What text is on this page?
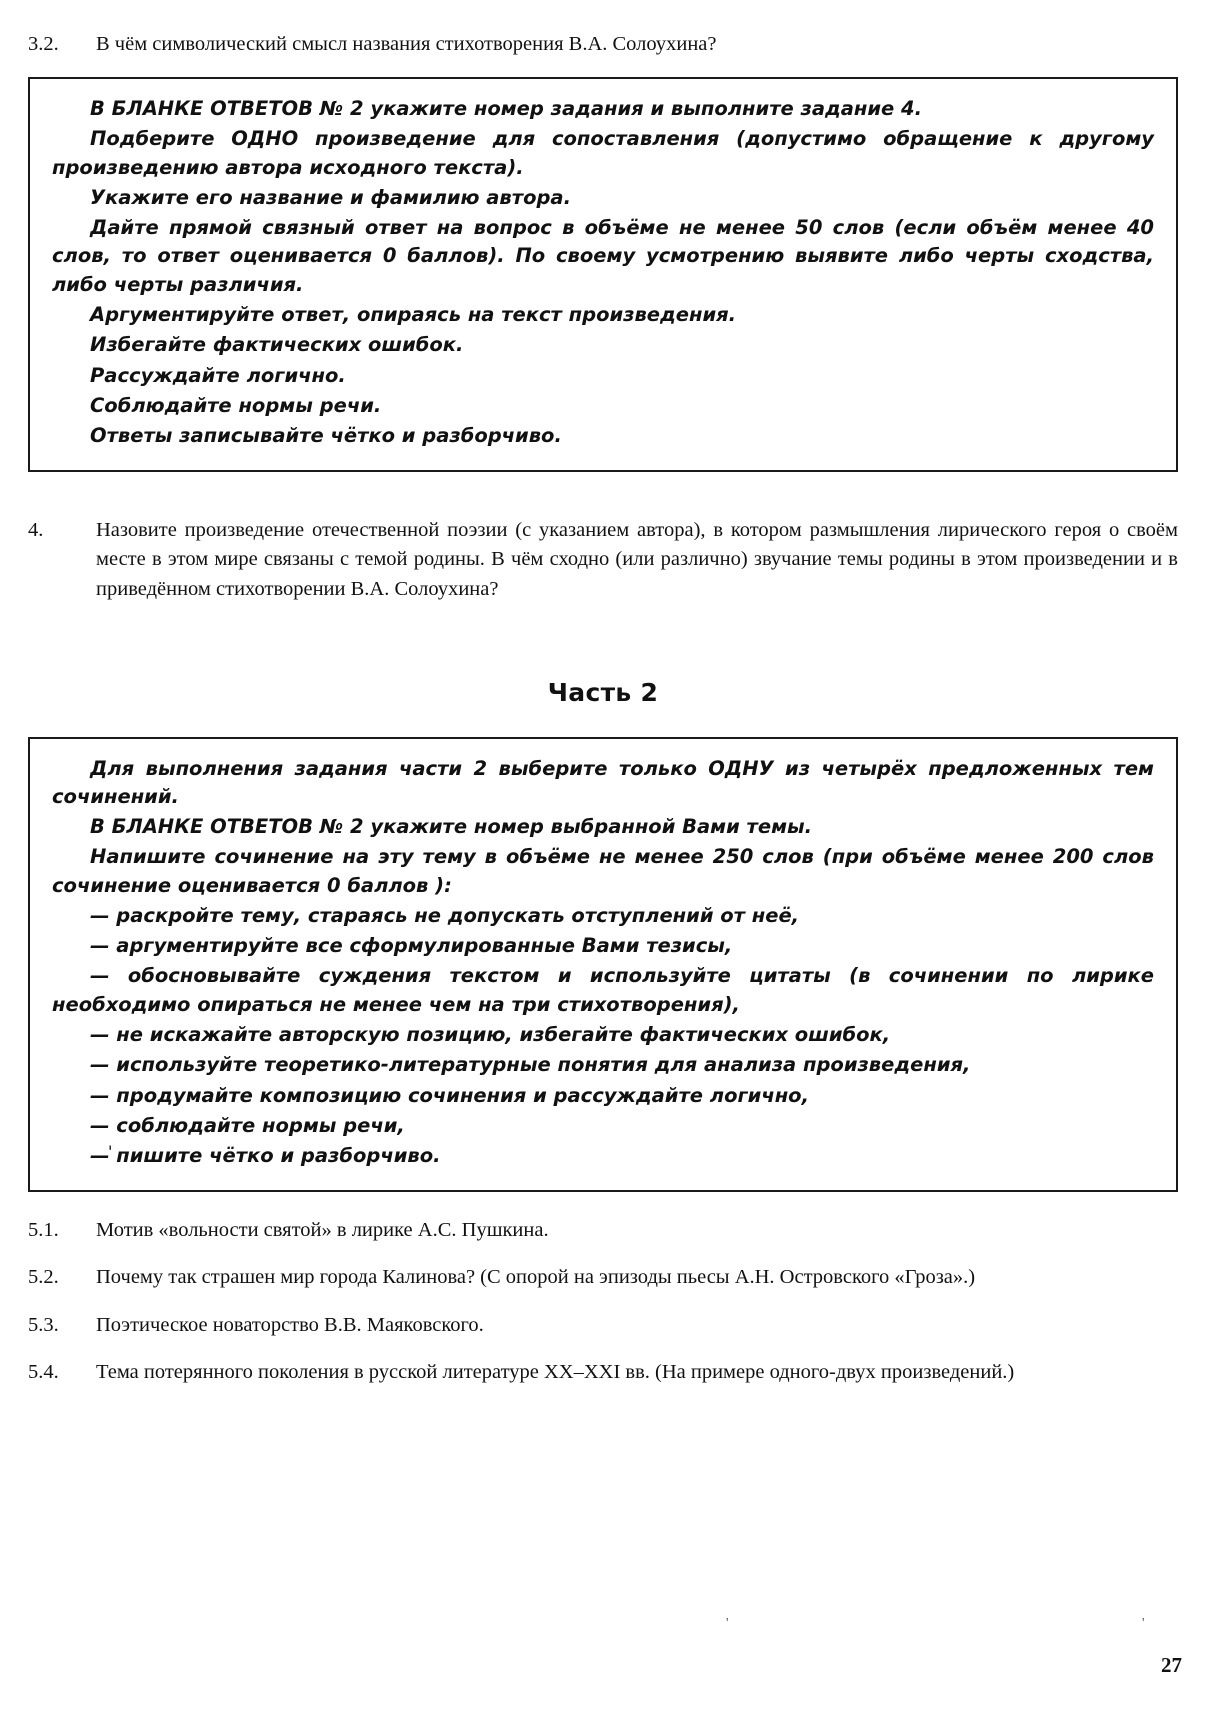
3.2.	В чём символический смысл названия стихотворения В.А. Солоухина?

В БЛАНКЕ ОТВЕТОВ № 2 укажите номер задания и выполните задание 4.

Подберите ОДНО произведение для сопоставления (допустимо обращение к другому произведению автора исходного текста).

Укажите его название и фамилию автора.

Дайте прямой связный ответ на вопрос в объёме не менее 50 слов (если объём менее 40 слов, то ответ оценивается 0 баллов). По своему усмотрению выявите либо черты сходства, либо черты различия.

Аргументируйте ответ, опираясь на текст произведения.

Избегайте фактических ошибок.

Рассуждайте логично.

Соблюдайте нормы речи.

Ответы записывайте чётко и разборчиво.

4.	Назовите произведение отечественной поэзии (с указанием автора), в котором размышления лирического героя о своём месте в этом мире связаны с темой родины. В чём сходно (или различно) звучание темы родины в этом произведении и в приведённом стихотворении В.А. Солоухина?
Часть 2

Для выполнения задания части 2 выберите только ОДНУ из четырёх предложенных тем сочинений.

В БЛАНКЕ ОТВЕТОВ № 2 укажите номер выбранной Вами темы.

Напишите сочинение на эту тему в объёме не менее 250 слов (при объёме менее 200 слов сочинение оценивается 0 баллов ):

— раскройте тему, стараясь не допускать отступлений от неё,

— аргументируйте все сформулированные Вами тезисы,

— обосновывайте суждения текстом и используйте цитаты (в сочинении по лирике необходимо опираться не менее чем на три стихотворения),

— не искажайте авторскую позицию, избегайте фактических ошибок,

— используйте теоретико-литературные понятия для анализа произведения,

— продумайте композицию сочинения и рассуждайте логично,

— соблюдайте нормы речи,

' — пишите чётко и разборчиво.

5.1.	Мотив «вольности святой» в лирике А.С. Пушкина.
5.2.	Почему так страшен мир города Калинова? (С опорой на эпизоды пьесы А.Н. Островского «Гроза».)
5.3.	Поэтическое новаторство В.В. Маяковского.
5.4.	Тема потерянного поколения в русской литературе XX–XXI вв. (На примере одного-двух произведений.)
'	'
27
